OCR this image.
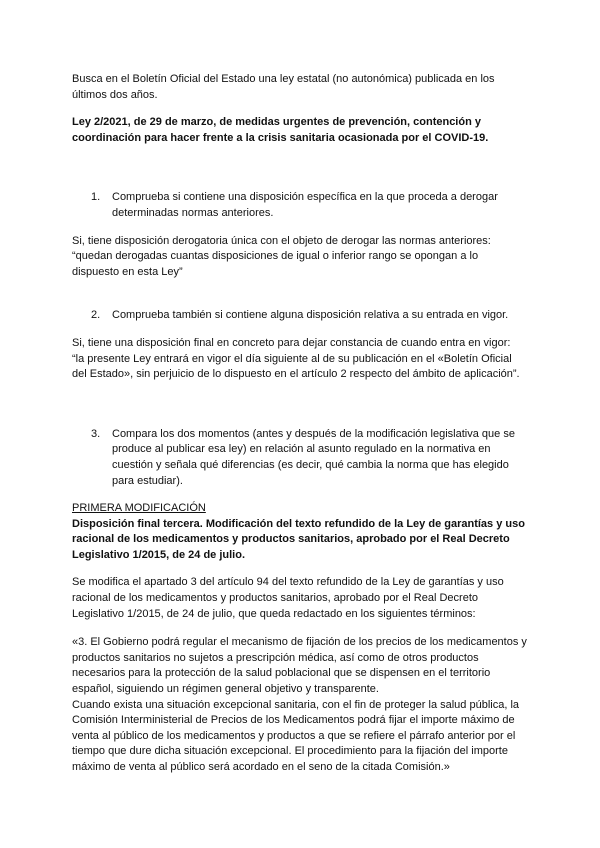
Busca en el Boletín Oficial del Estado una ley estatal (no autonómica) publicada en los últimos dos años.

Ley 2/2021, de 29 de marzo, de medidas urgentes de prevención, contención y coordinación para hacer frente a la crisis sanitaria ocasionada por el COVID-19.

1.	Comprueba si contiene una disposición específica en la que proceda a derogar determinadas normas anteriores.

Si, tiene disposición derogatoria única con el objeto de derogar las normas anteriores:

“quedan derogadas cuantas disposiciones de igual o inferior rango se opongan a lo dispuesto en esta Ley”

2.	Comprueba también si contiene alguna disposición relativa a su entrada en vigor.

Si, tiene una disposición final en concreto para dejar constancia de cuando entra en vigor:

“la presente Ley entrará en vigor el día siguiente al de su publicación en el «Boletín Oficial del Estado», sin perjuicio de lo dispuesto en el artículo 2 respecto del ámbito de aplicación”.

3.	Compara los dos momentos (antes y después de la modificación legislativa que se produce al publicar esa ley) en relación al asunto regulado en la normativa en cuestión y señala qué diferencias (es decir, qué cambia la norma que has elegido para estudiar).

PRIMERA MODIFICACIÓN

Disposición final tercera. Modificación del texto refundido de la Ley de garantías y uso racional de los medicamentos y productos sanitarios, aprobado por el Real Decreto Legislativo 1/2015, de 24 de julio.

Se modifica el apartado 3 del artículo 94 del texto refundido de la Ley de garantías y uso racional de los medicamentos y productos sanitarios, aprobado por el Real Decreto Legislativo 1/2015, de 24 de julio, que queda redactado en los siguientes términos:

«3. El Gobierno podrá regular el mecanismo de fijación de los precios de los medicamentos y productos sanitarios no sujetos a prescripción médica, así como de otros productos necesarios para la protección de la salud poblacional que se dispensen en el territorio español, siguiendo un régimen general objetivo y transparente.

Cuando exista una situación excepcional sanitaria, con el fin de proteger la salud pública, la Comisión Interministerial de Precios de los Medicamentos podrá fijar el importe máximo de venta al público de los medicamentos y productos a que se refiere el párrafo anterior por el tiempo que dure dicha situación excepcional. El procedimiento para la fijación del importe máximo de venta al público será acordado en el seno de la citada Comisión.»
